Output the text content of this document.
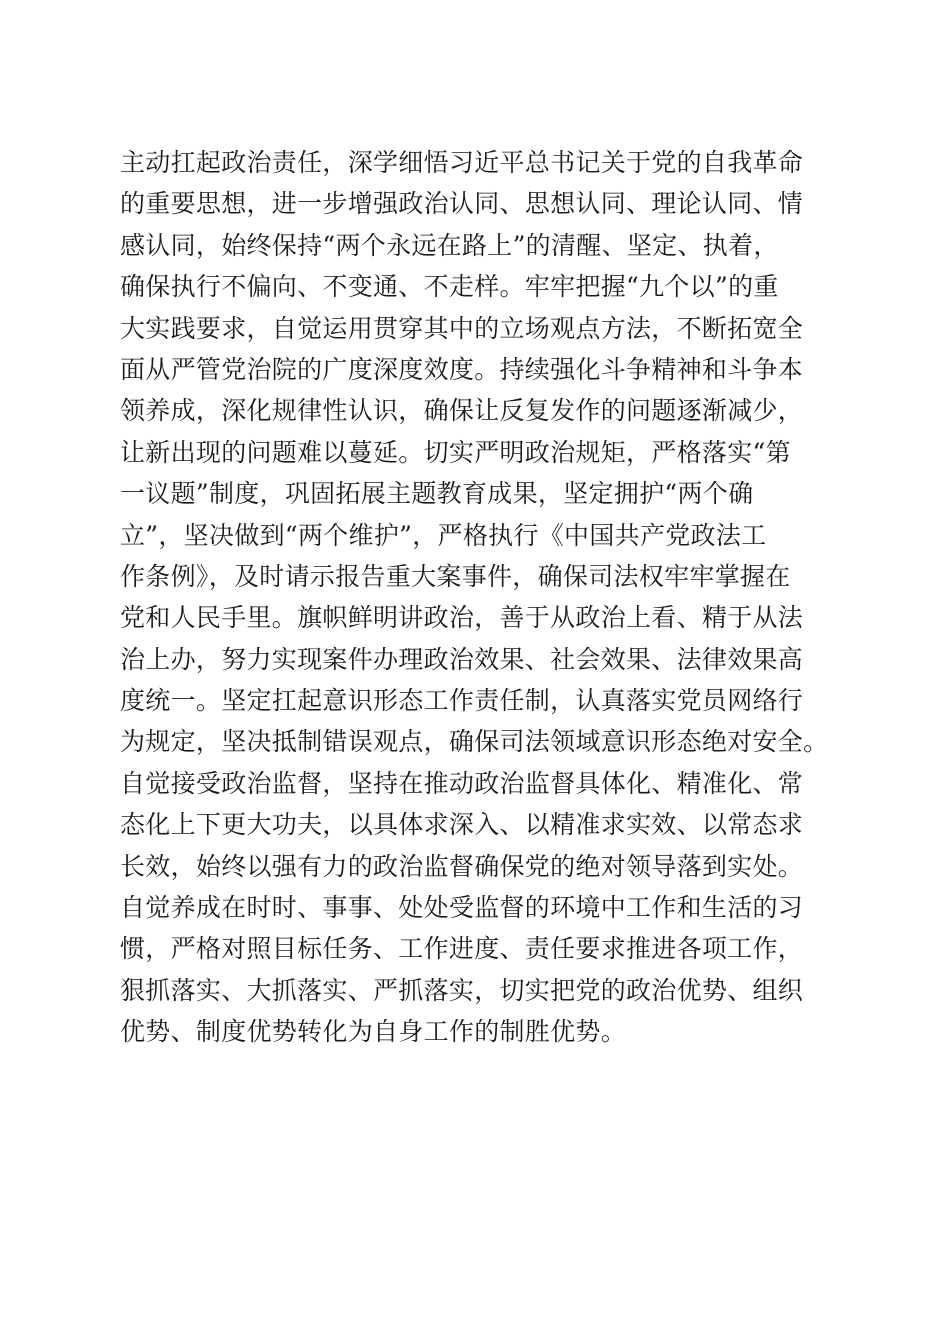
主动扛起政治责任，深学细悟习近平总书记关于党的自我革命
的重要思想，进一步增强政治认同、思想认同、理论认同、情
感认同，始终保持“两个永远在路上”的清醒、坚定、执着，
确保执行不偏向、不变通、不走样。牢牢把握“九个以”的重
大实践要求，自觉运用贯穿其中的立场观点方法，不断拓宽全
面从严管党治院的广度深度效度。持续强化斗争精神和斗争本
领养成，深化规律性认识，确保让反复发作的问题逐渐减少，
让新出现的问题难以蔓延。切实严明政治规矩，严格落实“第
一议题”制度，巩固拓展主题教育成果，坚定拥护“两个确
立”，坚决做到“两个维护”，严格执行《中国共产党政法工
作条例》，及时请示报告重大案事件，确保司法权牢牢掌握在
党和人民手里。旗帜鲜明讲政治，善于从政治上看、精于从法
治上办，努力实现案件办理政治效果、社会效果、法律效果高
度统一。坚定扛起意识形态工作责任制，认真落实党员网络行
为规定，坚决抵制错误观点，确保司法领域意识形态绝对安全。
自觉接受政治监督，坚持在推动政治监督具体化、精准化、常
态化上下更大功夫，以具体求深入、以精准求实效、以常态求
长效，始终以强有力的政治监督确保党的绝对领导落到实处。
自觉养成在时时、事事、处处受监督的环境中工作和生活的习
惯，严格对照目标任务、工作进度、责任要求推进各项工作，
狠抓落实、大抓落实、严抓落实，切实把党的政治优势、组织
优势、制度优势转化为自身工作的制胜优势。
